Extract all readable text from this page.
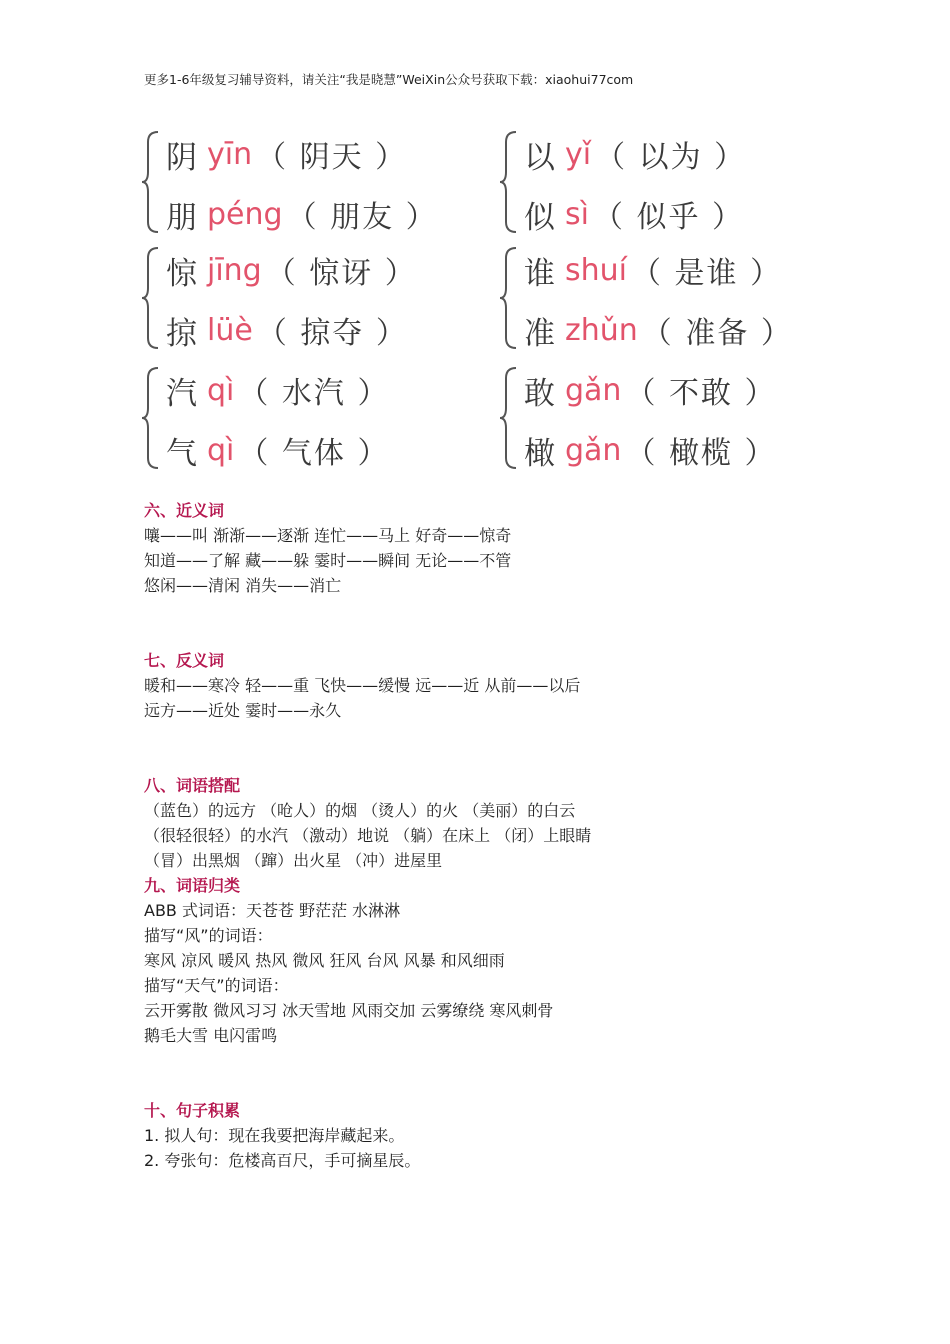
更多1-6年级复习辅导资料，请关注“我是晓慧”WeiXin公众号获取下载：xiaohui77com
阴 yīn （ 阴天 ）
朋 péng （ 朋友 ）
以 yǐ （ 以为 ）
似 sì （ 似乎 ）
惊 jīng （ 惊讶 ）
掠 lüè （ 掠夺 ）
谁 shuí （ 是谁 ）
准 zhǔn （ 准备 ）
汽 qì （ 水汽 ）
气 qì （ 气体 ）
敢 gǎn （ 不敢 ）
橄 gǎn （ 橄榄 ）
六、近义词
嚷——叫 渐渐——逐渐 连忙——马上 好奇——惊奇
知道——了解 藏——躲 霎时——瞬间 无论——不管
悠闲——清闲 消失——消亡
七、反义词
暖和——寒冷 轻——重 飞快——缓慢 远——近 从前——以后
远方——近处 霎时——永久
八、词语搭配
（蓝色）的远方 （呛人）的烟 （烫人）的火 （美丽）的白云
（很轻很轻）的水汽 （激动）地说 （躺）在床上 （闭）上眼睛
（冒）出黑烟 （蹿）出火星 （冲）进屋里
九、词语归类
ABB 式词语：天苍苍 野茫茫 水淋淋
描写“风”的词语：
寒风 凉风 暖风 热风 微风 狂风 台风 风暴 和风细雨
描写“天气”的词语：
云开雾散 微风习习 冰天雪地 风雨交加 云雾缭绕 寒风刺骨
鹅毛大雪 电闪雷鸣
十、句子积累
1. 拟人句：现在我要把海岸藏起来。
2. 夸张句：危楼高百尺，手可摘星辰。
